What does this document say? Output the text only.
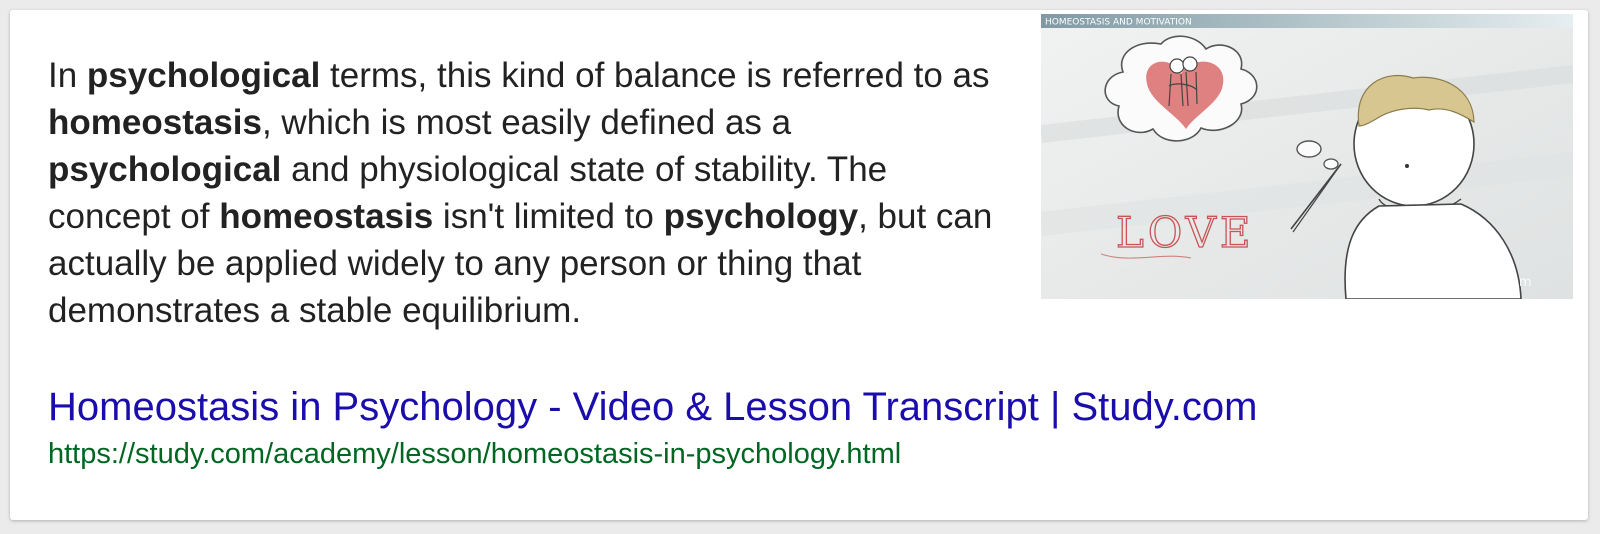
In psychological terms, this kind of balance is referred to as homeostasis, which is most easily defined as a psychological and physiological state of stability. The concept of homeostasis isn't limited to psychology, but can actually be applied widely to any person or thing that demonstrates a stable equilibrium.

HOMEOSTASIS AND MOTIVATION
LOVE
©Study.com
Homeostasis in Psychology - Video & Lesson Transcript | Study.com
https://study.com/academy/lesson/homeostasis-in-psychology.html
